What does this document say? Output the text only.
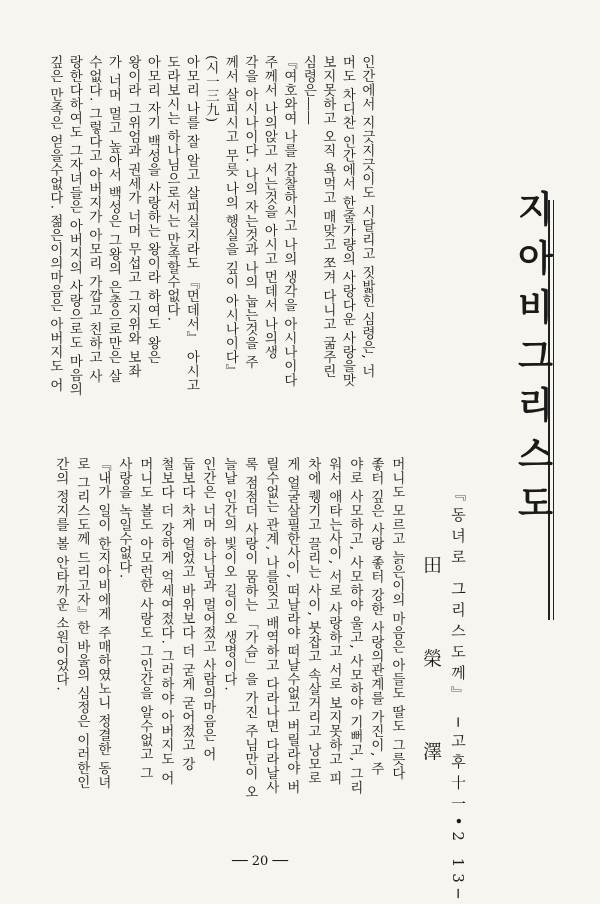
지아비그리스도
『동녀로 그리스도께』 ─고후十一•2 13─
田 榮 澤
머니도 모르고 늙은이의 마음은 아들도 딸도 그릇다
좋터 깊은 사랑 좋터 강한 사랑의관계를 가진이, 주
야로 사모하고, 사모하야 울고, 사모하야 기뻐고, 그리
워서 애타는사이, 서로 사랑하고 서로 보지못하고 피
차에 퀭기고 끌리는 사이, 붓잡고 속살거리고 낭모로
게 얼굴살필한사이, 떠날라야 떠날수없고 버릴라야 버
릴수없는 관계, 나를잊고 배역하고 다라나면 다라날사
록 점점더 사랑이 뭄하는 「가슴」을 가진 주님만이 오
늘날 인간의 빛이오 길이오 생명이다.
인간은 너머 하나님과 멀어젔고 사람의마음은 어
둡보다 차게 얼었고 바위보다 더 굳게 굳어젔고 강
철보다 더 강하게 억세여젔다. 그러하야 아버지도 어
머니도 볼도 아모런한 사랑도 그인간을 알수없고 그
사랑을 녹일수없다.
『내가 일이 한지아비에게 주매하였노니 정결한 동녀
로 그리스도께 드리고자』한 바울의 심정은 이러한인
간의 정지를 볼 안타까운 소원이었다.
인간에서 지긋지긋이도 시달리고 짓밟힌 심령은, 너
머도 차디찬 인간에서 한줄가량의 사랑다운 사랑을맛
보지못하고 오직 욕먹고 매맞고 쪼겨 다니고 굶주린
심령은――
『여호와여 나를 감찰하시고 나의 생각을 아시나이다
주께서 나의앉고 서는것을 아시고 먼데서 나의생
각을 아시나이다. 나의 자는것과 나의 눕는것을 주
께서 살피시고 무릇 나의 행실을 깊이 아시나이다』
(시一三九)
아모리 나를 잘 알고 살피실지라도 『먼데서』 아시고
도라보시는 하나님으로서는 만족할수없다.
아모리 자기 백성을 사랑하는 왕이라 하여도 왕은
왕이라 그위엄과 권세가 너머 무섭고 그지위와 보좌
가 너머 멀고 높아서 백성은 그왕의 은총으로만은 살
수없다. 그렇다고 아버지가 아모리 가깝고 친하고 사
랑한다하여도 그자녀들은 아버지의 사랑으로도 마음의
깊은 만족은 얻을수없다. 젊은이의마음은 아버지도 어
── 20 ──
